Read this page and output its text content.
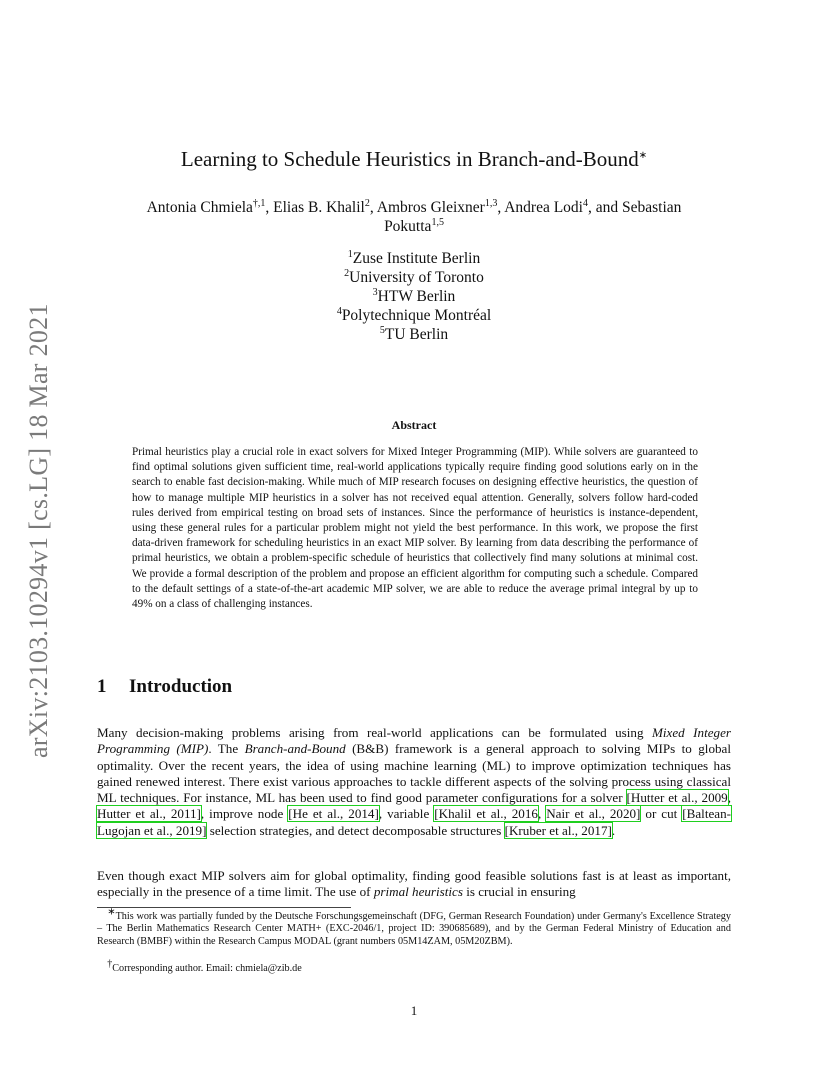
arXiv:2103.10294v1 [cs.LG] 18 Mar 2021
Learning to Schedule Heuristics in Branch-and-Bound∗
Antonia Chmiela$^{\dagger,1}$, Elias B. Khalil$^2$, Ambros Gleixner$^{1,3}$, Andrea Lodi$^4$, and Sebastian
Pokutta$^{1,5}$
$^1$Zuse Institute Berlin
$^2$University of Toronto
$^3$HTW Berlin
$^4$Polytechnique Montréal
$^5$TU Berlin
Abstract

Primal heuristics play a crucial role in exact solvers for Mixed Integer Programming (MIP). While solvers are guaranteed to find optimal solutions given sufficient time, real-world applications typically require finding good solutions early on in the search to enable fast decision-making. While much of MIP research focuses on designing effective heuristics, the question of how to manage multiple MIP heuristics in a solver has not received equal attention. Generally, solvers follow hard-coded rules derived from empirical testing on broad sets of instances. Since the performance of heuristics is instance-dependent, using these general rules for a particular problem might not yield the best performance. In this work, we propose the first data-driven framework for scheduling heuristics in an exact MIP solver. By learning from data describing the performance of primal heuristics, we obtain a problem-specific schedule of heuristics that collectively find many solutions at minimal cost. We provide a formal description of the problem and propose an efficient algorithm for computing such a schedule. Compared to the default settings of a state-of-the-art academic MIP solver, we are able to reduce the average primal integral by up to 49% on a class of challenging instances.

1 Introduction

Many decision-making problems arising from real-world applications can be formulated using Mixed Integer Programming (MIP). The Branch-and-Bound (B&B) framework is a general approach to solving MIPs to global optimality. Over the recent years, the idea of using machine learning (ML) to improve optimization techniques has gained renewed interest. There exist various approaches to tackle different aspects of the solving process using classical ML techniques. For instance, ML has been used to find good parameter configurations for a solver [Hutter et al., 2009, Hutter et al., 2011], improve node [He et al., 2014], variable [Khalil et al., 2016, Nair et al., 2020] or cut [Baltean-Lugojan et al., 2019] selection strategies, and detect decomposable structures [Kruber et al., 2017].

Even though exact MIP solvers aim for global optimality, finding good feasible solutions fast is at least as important, especially in the presence of a time limit. The use of primal heuristics is crucial in ensuring

 ∗This work was partially funded by the Deutsche Forschungsgemeinschaft (DFG, German Research Foundation) under Germany's Excellence Strategy – The Berlin Mathematics Research Center MATH+ (EXC-2046/1, project ID: 390685689), and by the German Federal Ministry of Education and Research (BMBF) within the Research Campus MODAL (grant numbers 05M14ZAM, 05M20ZBM).

 †Corresponding author. Email: chmiela@zib.de

1
